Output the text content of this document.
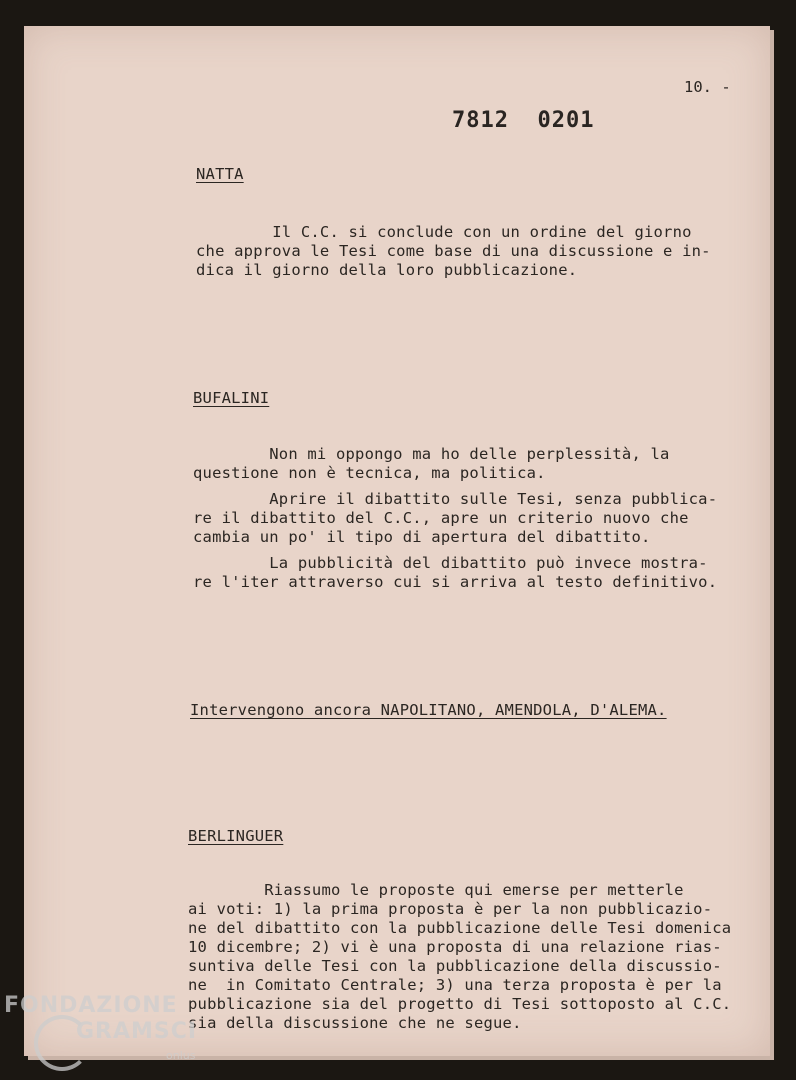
10. -
7812  0201
NATTA
Il C.C. si conclude con un ordine del giorno
che approva le Tesi come base di una discussione e in-
dica il giorno della loro pubblicazione.
BUFALINI
Non mi oppongo ma ho delle perplessità, la
questione non è tecnica, ma politica.
Aprire il dibattito sulle Tesi, senza pubblica-
re il dibattito del C.C., apre un criterio nuovo che
cambia un po' il tipo di apertura del dibattito.
La pubblicità del dibattito può invece mostra-
re l'iter attraverso cui si arriva al testo definitivo.
Intervengono ancora NAPOLITANO, AMENDOLA, D'ALEMA.
BERLINGUER
Riassumo le proposte qui emerse per metterle
ai voti: 1) la prima proposta è per la non pubblicazio-
ne del dibattito con la pubblicazione delle Tesi domenica
10 dicembre; 2) vi è una proposta di una relazione rias-
suntiva delle Tesi con la pubblicazione della discussio-
ne  in Comitato Centrale; 3) una terza proposta è per la
pubblicazione sia del progetto di Tesi sottoposto al C.C.
sia della discussione che ne segue.
FONDAZIONE
GRAMSCI
onlus
